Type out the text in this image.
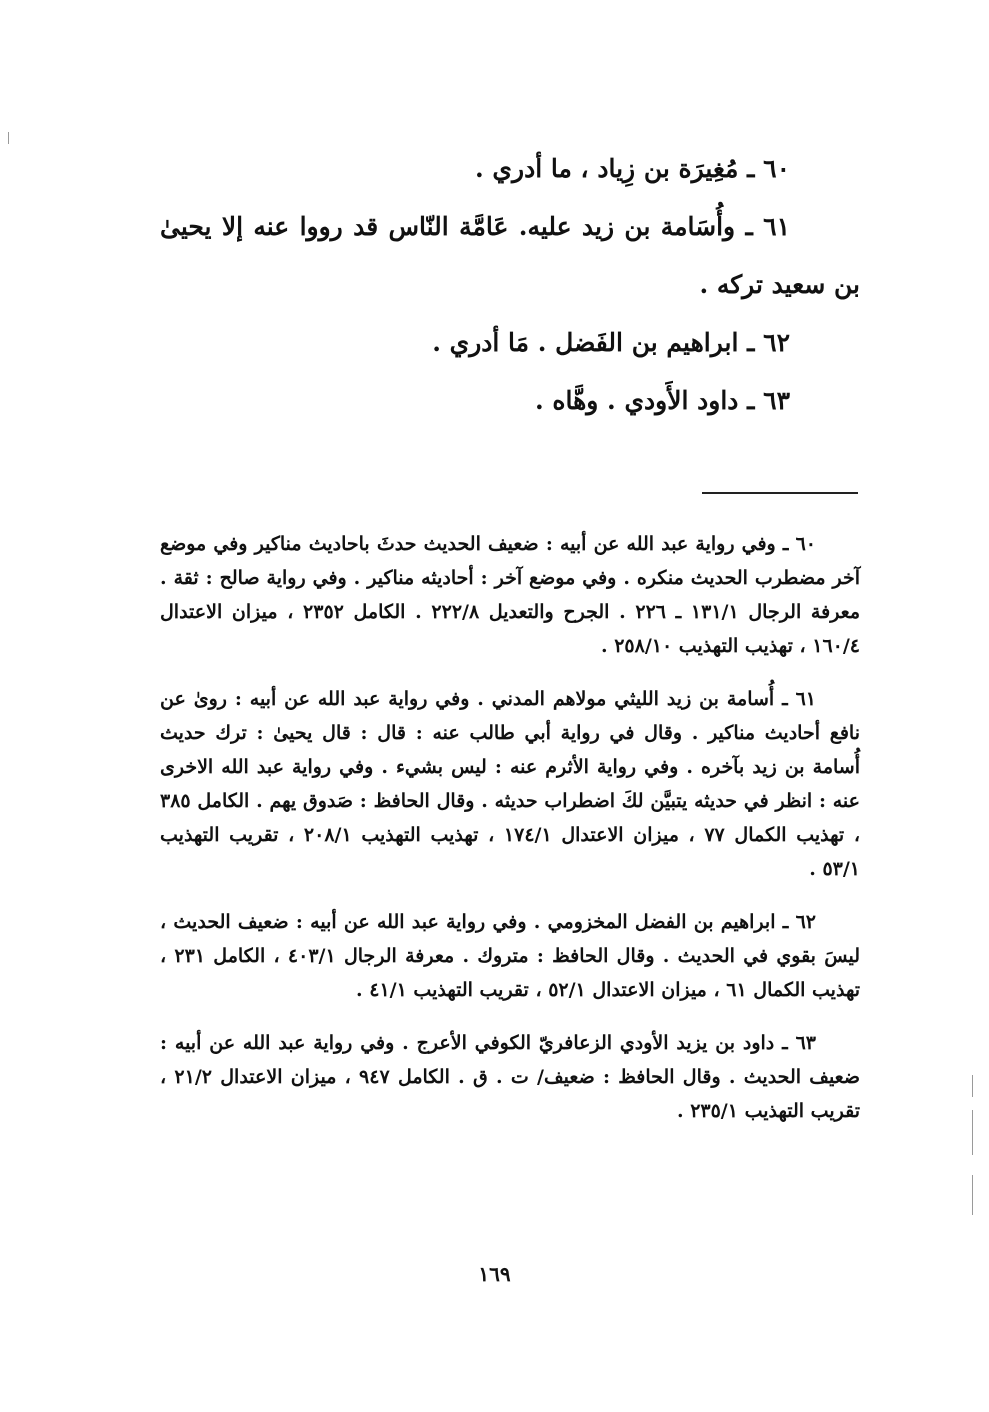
٦٠ ـ مُغِيرَة بن زِياد ، ما أدري .
٦١ ـ وأُسَامة بن زيد عليه. عَامَّة النّاس قد رووا عنه إلا يحيىٰ بن سعيد تركه .
٦٢ ـ ابراهيم بن الفَضل . مَا أدري .
٦٣ ـ داود الأَودي . وهَّاه .

٦٠ ـ وفي رواية عبد الله عن أبيه : ضعيف الحديث حدثَ باحاديث مناكير وفي موضع آخر مضطرب الحديث منكره . وفي موضع آخر : أحاديثه مناكير . وفي رواية صالح : ثقة . معرفة الرجال ١٣١/١ ـ ٢٢٦ . الجرح والتعديل ٢٢٢/٨ . الكامل ٢٣٥٢ ، ميزان الاعتدال ١٦٠/٤ ، تهذيب التهذيب ٢٥٨/١٠ .

٦١ ـ أُسامة بن زيد الليثي مولاهم المدني . وفي رواية عبد الله عن أبيه : روىٰ عن نافع أحاديث مناكير . وقال في رواية أبي طالب عنه : قال : قال يحيىٰ : ترك حديث أُسامة بن زيد بآخره . وفي رواية الأثرم عنه : ليس بشيء . وفي رواية عبد الله الاخرى عنه : انظر في حديثه يتبيَّن لكَ اضطراب حديثه . وقال الحافظ : صَدوق يهم . الكامل ٣٨٥ ، تهذيب الكمال ٧٧ ، ميزان الاعتدال ١٧٤/١ ، تهذيب التهذيب ٢٠٨/١ ، تقريب التهذيب ٥٣/١ .

٦٢ ـ ابراهيم بن الفضل المخزومي . وفي رواية عبد الله عن أبيه : ضعيف الحديث ، ليسَ بقوي في الحديث . وقال الحافظ : متروك . معرفة الرجال ٤٠٣/١ ، الكامل ٢٣١ ، تهذيب الكمال ٦١ ، ميزان الاعتدال ٥٢/١ ، تقريب التهذيب ٤١/١ .

٦٣ ـ داود بن يزيد الأودي الزعافريّ الكوفي الأعرج . وفي رواية عبد الله عن أبيه : ضعيف الحديث . وقال الحافظ : ضعيف/ ت . ق . الكامل ٩٤٧ ، ميزان الاعتدال ٢١/٢ ، تقريب التهذيب ٢٣٥/١ .

١٦٩
